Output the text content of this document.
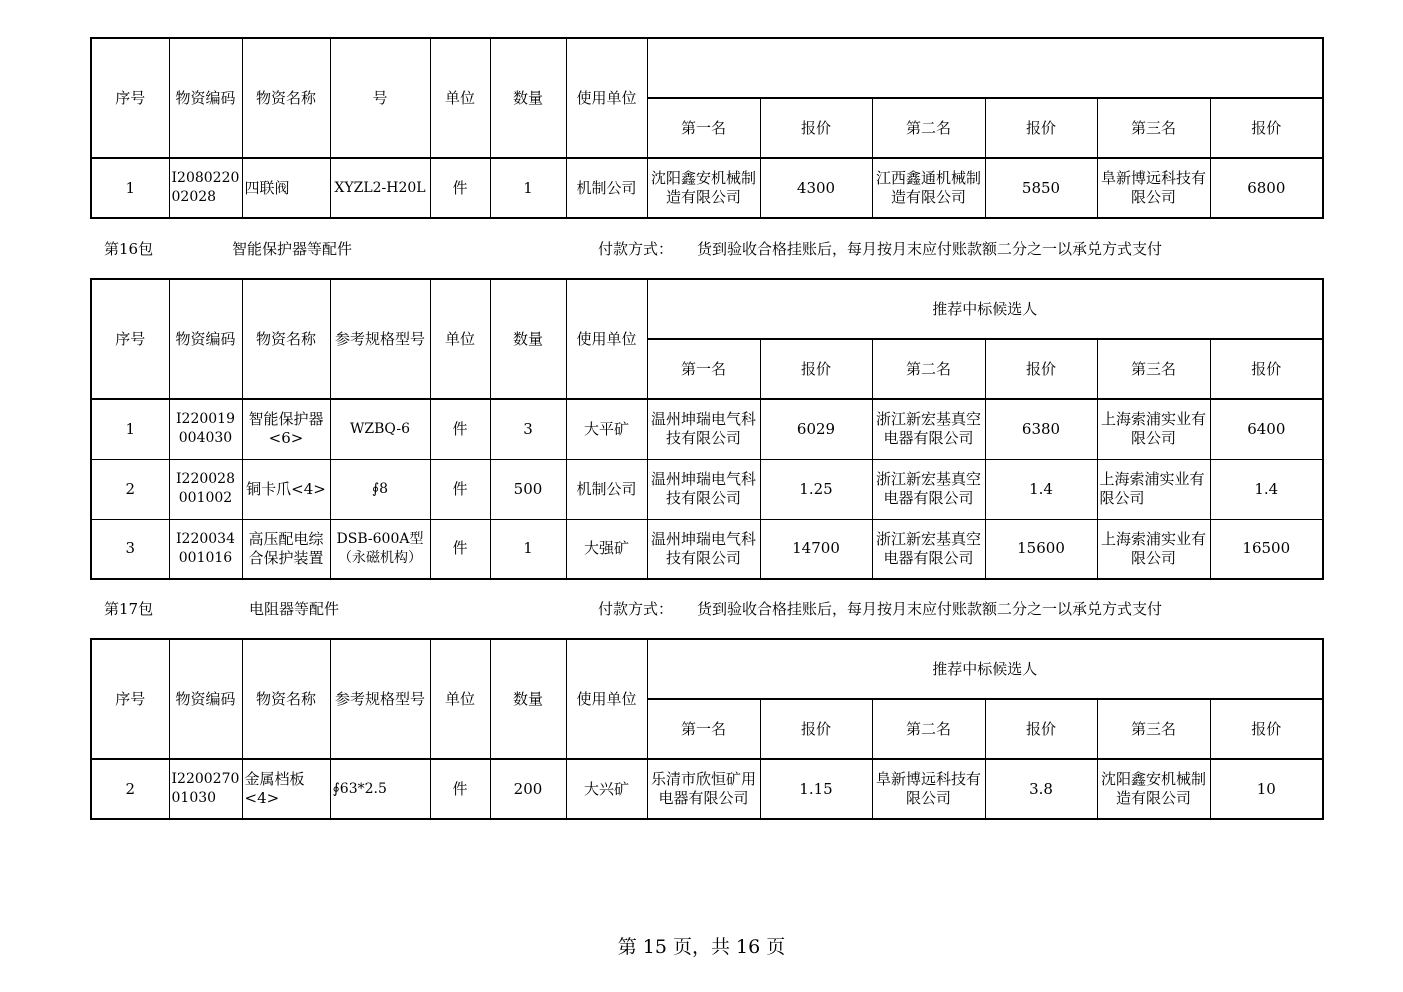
序号	物资编码	物资名称	号	单位	数量	使用单位						
							第一名	报价	第二名	报价	第三名	报价
1	I2080220 02028	四联阀	XYZL2-H20L	件	1	机制公司	沈阳鑫安机械制造有限公司	4300	江西鑫通机械制造有限公司	5850	阜新博远科技有限公司	6800
第16包	智能保护器等配件	付款方式： 货到验收合格挂账后，每月按月末应付账款额二分之一以承兑方式支付
序号	物资编码	物资名称	参考规格型号	单位	数量	使用单位	推荐中标候选人					
							第一名	报价	第二名	报价	第三名	报价
1	I220019 004030	智能保护器<6>	WZBQ-6	件	3	大平矿	温州坤瑞电气科技有限公司	6029	浙江新宏基真空电器有限公司	6380	上海索浦实业有限公司	6400
2	I220028 001002	铜卡爪<4>	∮8	件	500	机制公司	温州坤瑞电气科技有限公司	1.25	浙江新宏基真空电器有限公司	1.4	上海索浦实业有限公司	1.4
3	I220034 001016	高压配电综合保护装置	DSB-600A型（永磁机构）	件	1	大强矿	温州坤瑞电气科技有限公司	14700	浙江新宏基真空电器有限公司	15600	上海索浦实业有限公司	16500
第17包	电阻器等配件	付款方式： 货到验收合格挂账后，每月按月末应付账款额二分之一以承兑方式支付
序号	物资编码	物资名称	参考规格型号	单位	数量	使用单位	推荐中标候选人					
							第一名	报价	第二名	报价	第三名	报价
2	I2200270 01030	金属档板<4>	∮63*2.5	件	200	大兴矿	乐清市欣恒矿用电器有限公司	1.15	阜新博远科技有限公司	3.8	沈阳鑫安机械制造有限公司	10
第 15 页，共 16 页
